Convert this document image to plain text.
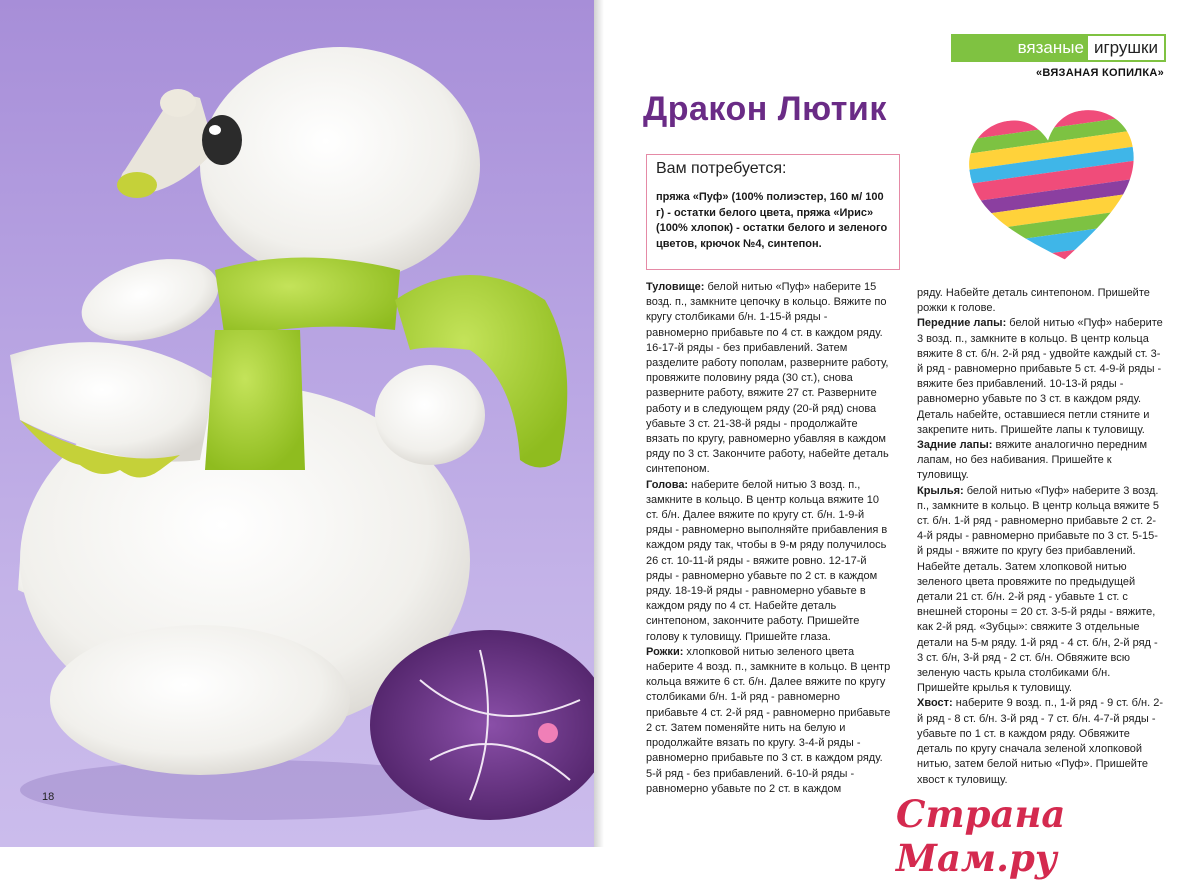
18
вязаные игрушки
«ВЯЗАНАЯ КОПИЛКА»
Дракон Лютик
Вам потребуется:
пряжа «Пуф» (100% полиэстер, 160 м/ 100 г) - остатки белого цвета, пряжа «Ирис» (100% хлопок) - остатки белого и зеленого цветов, крючок №4, синтепон.

Туловище: белой нитью «Пуф» наберите 15 возд. п., замкните цепочку в кольцо. Вяжите по кругу столбиками б/н. 1-15-й ряды - равномерно прибавьте по 4 ст. в каждом ряду. 16-17-й ряды - без прибавлений. Затем разделите работу пополам, разверните работу, провяжите половину ряда (30 ст.), снова разверните работу, вяжите 27 ст. Разверните работу и в следующем ряду (20-й ряд) снова убавьте 3 ст. 21-38-й ряды - продолжайте вязать по кругу, равномерно убавляя в каждом ряду по 3 ст. Закончите работу, набейте деталь синтепоном.

Голова: наберите белой нитью 3 возд. п., замкните в кольцо. В центр кольца вяжите 10 ст. б/н. Далее вяжите по кругу ст. б/н. 1-9-й ряды - равномерно выполняйте прибавления в каждом ряду так, чтобы в 9-м ряду получилось 26 ст. 10-11-й ряды - вяжите ровно. 12-17-й ряды - равномерно убавьте по 2 ст. в каждом ряду. 18-19-й ряды - равномерно убавьте в каждом ряду по 4 ст. Набейте деталь синтепоном, закончите работу. Пришейте голову к туловищу. Пришейте глаза.

Рожки: хлопковой нитью зеленого цвета наберите 4 возд. п., замкните в кольцо. В центр кольца вяжите 6 ст. б/н. Далее вяжите по кругу столбиками б/н. 1-й ряд - равномерно прибавьте 4 ст. 2-й ряд - равномерно прибавьте 2 ст. Затем поменяйте нить на белую и продолжайте вязать по кругу. 3-4-й ряды - равномерно прибавьте по 3 ст. в каждом ряду. 5-й ряд - без прибавлений. 6-10-й ряды - равномерно убавьте по 2 ст. в каждом

ряду. Набейте деталь синтепоном. Пришейте рожки к голове.

Передние лапы: белой нитью «Пуф» наберите 3 возд. п., замкните в кольцо. В центр кольца вяжите 8 ст. б/н. 2-й ряд - удвойте каждый ст. 3-й ряд - равномерно прибавьте 5 ст. 4-9-й ряды - вяжите без прибавлений. 10-13-й ряды - равномерно убавьте по 3 ст. в каждом ряду. Деталь набейте, оставшиеся петли стяните и закрепите нить. Пришейте лапы к туловищу.

Задние лапы: вяжите аналогично передним лапам, но без набивания. Пришейте к туловищу.

Крылья: белой нитью «Пуф» наберите 3 возд. п., замкните в кольцо. В центр кольца вяжите 5 ст. б/н. 1-й ряд - равномерно прибавьте 2 ст. 2-4-й ряды - равномерно прибавьте по 3 ст. 5-15-й ряды - вяжите по кругу без прибавлений. Набейте деталь. Затем хлопковой нитью зеленого цвета провяжите по предыдущей детали 21 ст. б/н. 2-й ряд - убавьте 1 ст. с внешней стороны = 20 ст. 3-5-й ряды - вяжите, как 2-й ряд. «Зубцы»: свяжите 3 отдельные детали на 5-м ряду. 1-й ряд - 4 ст. б/н, 2-й ряд - 3 ст. б/н, 3-й ряд - 2 ст. б/н. Обвяжите всю зеленую часть крыла столбиками б/н. Пришейте крылья к туловищу.

Хвост: наберите 9 возд. п., 1-й ряд - 9 ст. б/н. 2-й ряд - 8 ст. б/н. 3-й ряд - 7 ст. б/н. 4-7-й ряды - убавьте по 1 ст. в каждом ряду. Обвяжите деталь по кругу сначала зеленой хлопковой нитью, затем белой нитью «Пуф». Пришейте хвост к туловищу.

Страна Мам.ру
